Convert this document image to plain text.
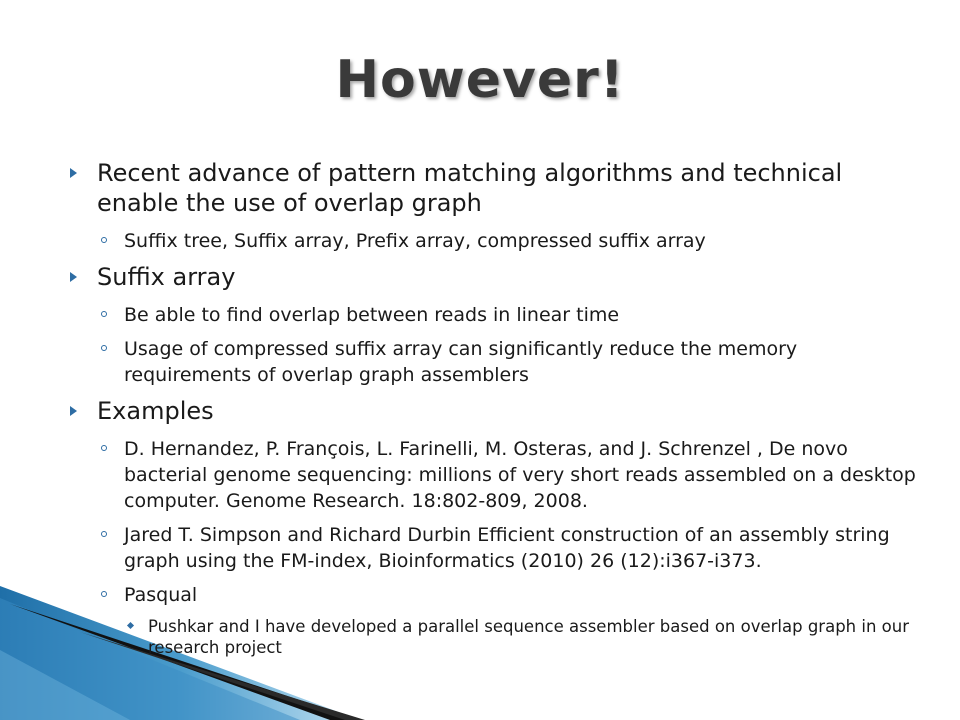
However!
Recent advance of pattern matching algorithms and technical enable the use of overlap graph
Suffix tree, Suffix array, Prefix array, compressed suffix array
Suffix array
Be able to find overlap between reads in linear time
Usage of compressed suffix array can significantly reduce the memory requirements of overlap graph assemblers
Examples
D. Hernandez, P. François, L. Farinelli, M. Osteras, and J. Schrenzel , De novo bacterial genome sequencing: millions of very short reads assembled on a desktop computer. Genome Research. 18:802-809, 2008.
Jared T. Simpson and Richard Durbin Efficient construction of an assembly string graph using the FM-index, Bioinformatics (2010) 26 (12):i367-i373.
Pasqual
Pushkar and I have developed a parallel sequence assembler based on overlap graph in our research project
